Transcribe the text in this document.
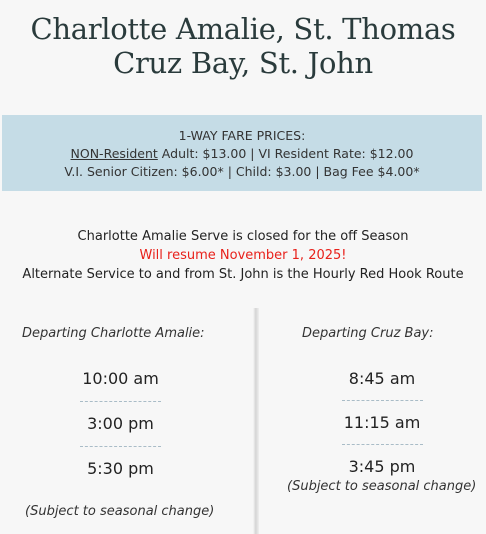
Charlotte Amalie, St. Thomas
Cruz Bay, St. John
1-WAY FARE PRICES:
NON-Resident Adult: $13.00 | VI Resident Rate: $12.00
V.I. Senior Citizen: $6.00* | Child: $3.00 | Bag Fee $4.00*
Charlotte Amalie Serve is closed for the off Season
Will resume November 1, 2025!
Alternate Service to and from St. John is the Hourly Red Hook Route
Departing Charlotte Amalie:
10:00 am
3:00 pm
5:30 pm
(Subject to seasonal change)
Departing Cruz Bay:
8:45 am
11:15 am
3:45 pm
(Subject to seasonal change)
